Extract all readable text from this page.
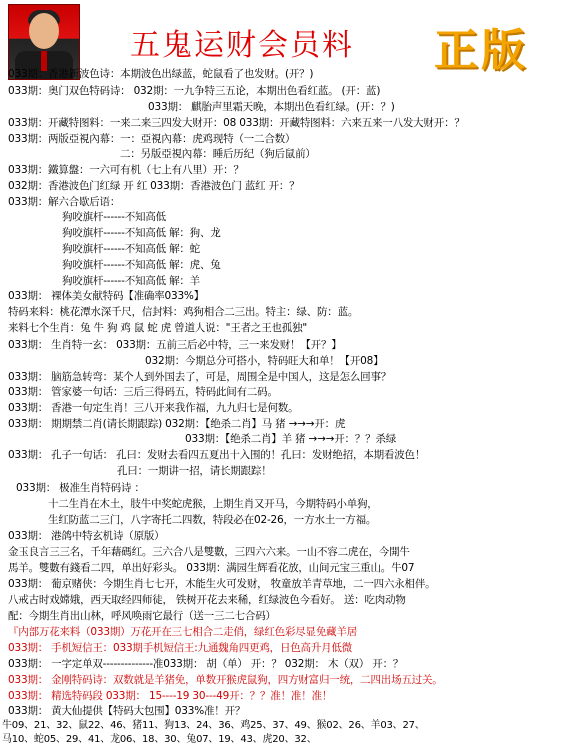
五鬼运财会员料 正版
033期：香港新波色诗：本期波色出绿蓝，蛇鼠看了也发财。(开？)
033期：奥门双色特码诗： 032期：一九争特三五论，本期出色看红蓝。 (开：蓝)
033期： 麒胎声里霜天晚，本期出色看红绿。(开：？)
033期：开藏特图料：一来二来三四发大财开：08 033期：开藏特图料：六来五来一八发大财开：？
033期：两版亞視內幕：一：亞視內幕：虎鸡现特（一二合数）
二：另版亞視內幕：睡后历纪（狗后鼠前）
033期：鐵算盤：一六可有机（七上有八里）开：？
032期：香港波色门红绿 开 红 033期：香港波色门 蓝红 开：？
033期：解六合歇后语：
狗咬旗杆------不知高低
狗咬旗杆------不知高低 解：狗、龙
狗咬旗杆------不知高低 解：蛇
狗咬旗杆------不知高低 解：虎、兔
狗咬旗杆------不知高低 解：羊
033期： 裸体美女献特码【准确率033%】
特码来料：桃花潭水深千尺，信封料：鸡狗相合二三出。特主：绿、防：蓝。
来料七个生肖：兔 牛 狗 鸡 鼠 蛇 虎 曾道人说："王者之王也孤独"
033期： 生肖特一玄： 033期：五前三后必中特，三一来发财！【开？】
032期：今期总分可搭小，特码旺大和单！【开08】
033期： 脑筋急转弯：某个人到外国去了，可是，周围全是中国人，这是怎么回事？
033期： 管家婆一句话：三后三得码五，特码此间有二码。
033期： 香港一句定生肖！三八开来我作福，九九归七是何数。
033期： 期期禁二肖(请长期跟踪) 032期：【绝杀二肖】马 猪 →→→开：虎
033期：【绝杀二肖】羊 猪 →→→开：？？杀绿
033期： 孔子一句话： 孔曰：发财去看四五夏出十入围的！孔曰：发财绝招，本期看波色！
孔曰：一期讲一招，请长期跟踪！
033期： 极准生肖特码诗 ：
十二生肖在木土，肢牛中奖蛇虎猴，上期生肖又开马，今期特码小单狗，
生红防蓝二三门，八字寄托二四数，特段必在02-26，一方水土一方福。
033期： 港鸽中特玄机诗（原版）
金玉良言三三名，千年藉碼红。三六合八是雙數，三四六六来。一山不容二虎在，今開牛
馬羊。雙數有錢看二四，单出好彩头。 033期：满园生辉看花放，山间元宝三重山。牛07
033期： 葡京赌侠：今期生肖七七开，木能生火可发财， 牧童放羊青草地，二一四六永相伴。
八戒古时戏嫦娥，西天取经四师徒， 铁树开花去来稀，红绿波色今看好。 送：吃肉动物
配：今期生肖出山林，呼风唤雨它最行（送一三二七合码）
『内部万花来料（033期）万花开在三七相合二走俏，绿红色彩尽显免藏羊居
033期： 手机短信王：033期手机短信王:九通魏角四更鸡，日色高升月低微
033期： 一字定单双--------------准033期： 胡（单） 开：？ 032期： 木（双） 开：？
033期： 金刚特码诗：双数就是羊猪免，单数开猴虎鼠狗，四方财富归一统，二四出场五过关。
033期： 精选特码段 033期： 15----19 30---49开：？？准！准！准！
033期： 黄大仙提供【特码大包围】033%准！开？
牛09、21、32、鼠22、46、猪11、狗13、24、36、鸡25、37、49、猴02、26、羊03、27、
马10、蛇05、29、41、龙06、18、30、兔07、19、43、虎20、32、
